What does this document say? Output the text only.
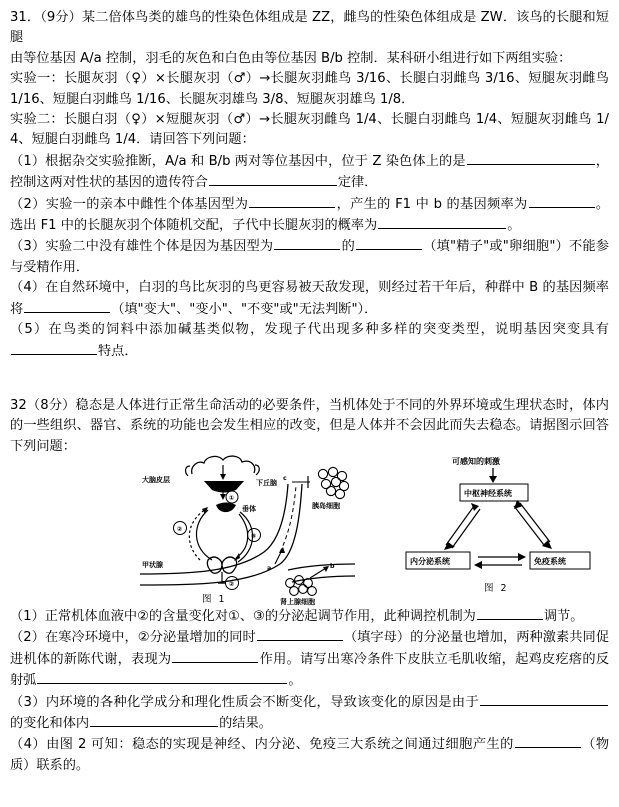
31．（9分）某二倍体鸟类的雄鸟的性染色体组成是 ZZ，雌鸟的性染色体组成是 ZW．该鸟的长腿和短腿

由等位基因 A/a 控制，羽毛的灰色和白色由等位基因 B/b 控制．某科研小组进行如下两组实验：

实验一：长腿灰羽（♀）×长腿灰羽（♂）→长腿灰羽雌鸟 3/16、长腿白羽雌鸟 3/16、短腿灰羽雌鸟 1/16、短腿白羽雌鸟 1/16、长腿灰羽雄鸟 3/8、短腿灰羽雄鸟 1/8．

实验二：长腿白羽（♀）×短腿灰羽（♂）→长腿灰羽雌鸟 1/4、长腿白羽雌鸟 1/4、短腿灰羽雌鸟 1/4、短腿白羽雌鸟 1/4．请回答下列问题：

（1）根据杂交实验推断，A/a 和 B/b 两对等位基因中，位于 Z 染色体上的是	，控制这两对性状的基因的遗传符合	定律．

（2）实验一的亲本中雌性个体基因型为	，产生的 F1 中 b 的基因频率为	。选出 F1 中的长腿灰羽个体随机交配，子代中长腿灰羽的概率为	。

（3）实验二中没有雄性个体是因为基因型为	的	（填"精子"或"卵细胞"）不能参与受精作用．

（4）在自然环境中，白羽的鸟比灰羽的鸟更容易被天敌发现，则经过若干年后，种群中 B 的基因频率将	（填"变大"、"变小"、"不变"或"无法判断"）．

（5）在鸟类的饲料中添加碱基类似物，发现子代出现多种多样的突变类型，说明基因突变具有特点．

32（8分）稳态是人体进行正常生命活动的必要条件，当机体处于不同的外界环境或生理状态时，体内的一些组织、器官、系统的功能也会发生相应的改变，但是人体并不会因此而失去稳态。请据图示回答下列问题：

大脑皮层	下丘脑
①
垂体
②
③
甲状腺
②
a
c
胰岛细胞
b
肾上腺细胞
图 1
可感知的刺激
中枢神经系统
内分泌系统	免疫系统
图 2

（1）正常机体血液中②的含量变化对①、③的分泌起调节作用，此种调控机制为	调节。

（2）在寒冷环境中，②分泌量增加的同时	（填字母）的分泌量也增加，两种激素共同促进机体的新陈代谢，表现为	作用。请写出寒冷条件下皮肤立毛肌收缩，起鸡皮疙瘩的反射弧	。

（3）内环境的各种化学成分和理化性质会不断变化，导致该变化的原因是由于的变化和体内	的结果。

（4）由图 2 可知：稳态的实现是神经、内分泌、免疫三大系统之间通过细胞产生的	（物质）联系的。
